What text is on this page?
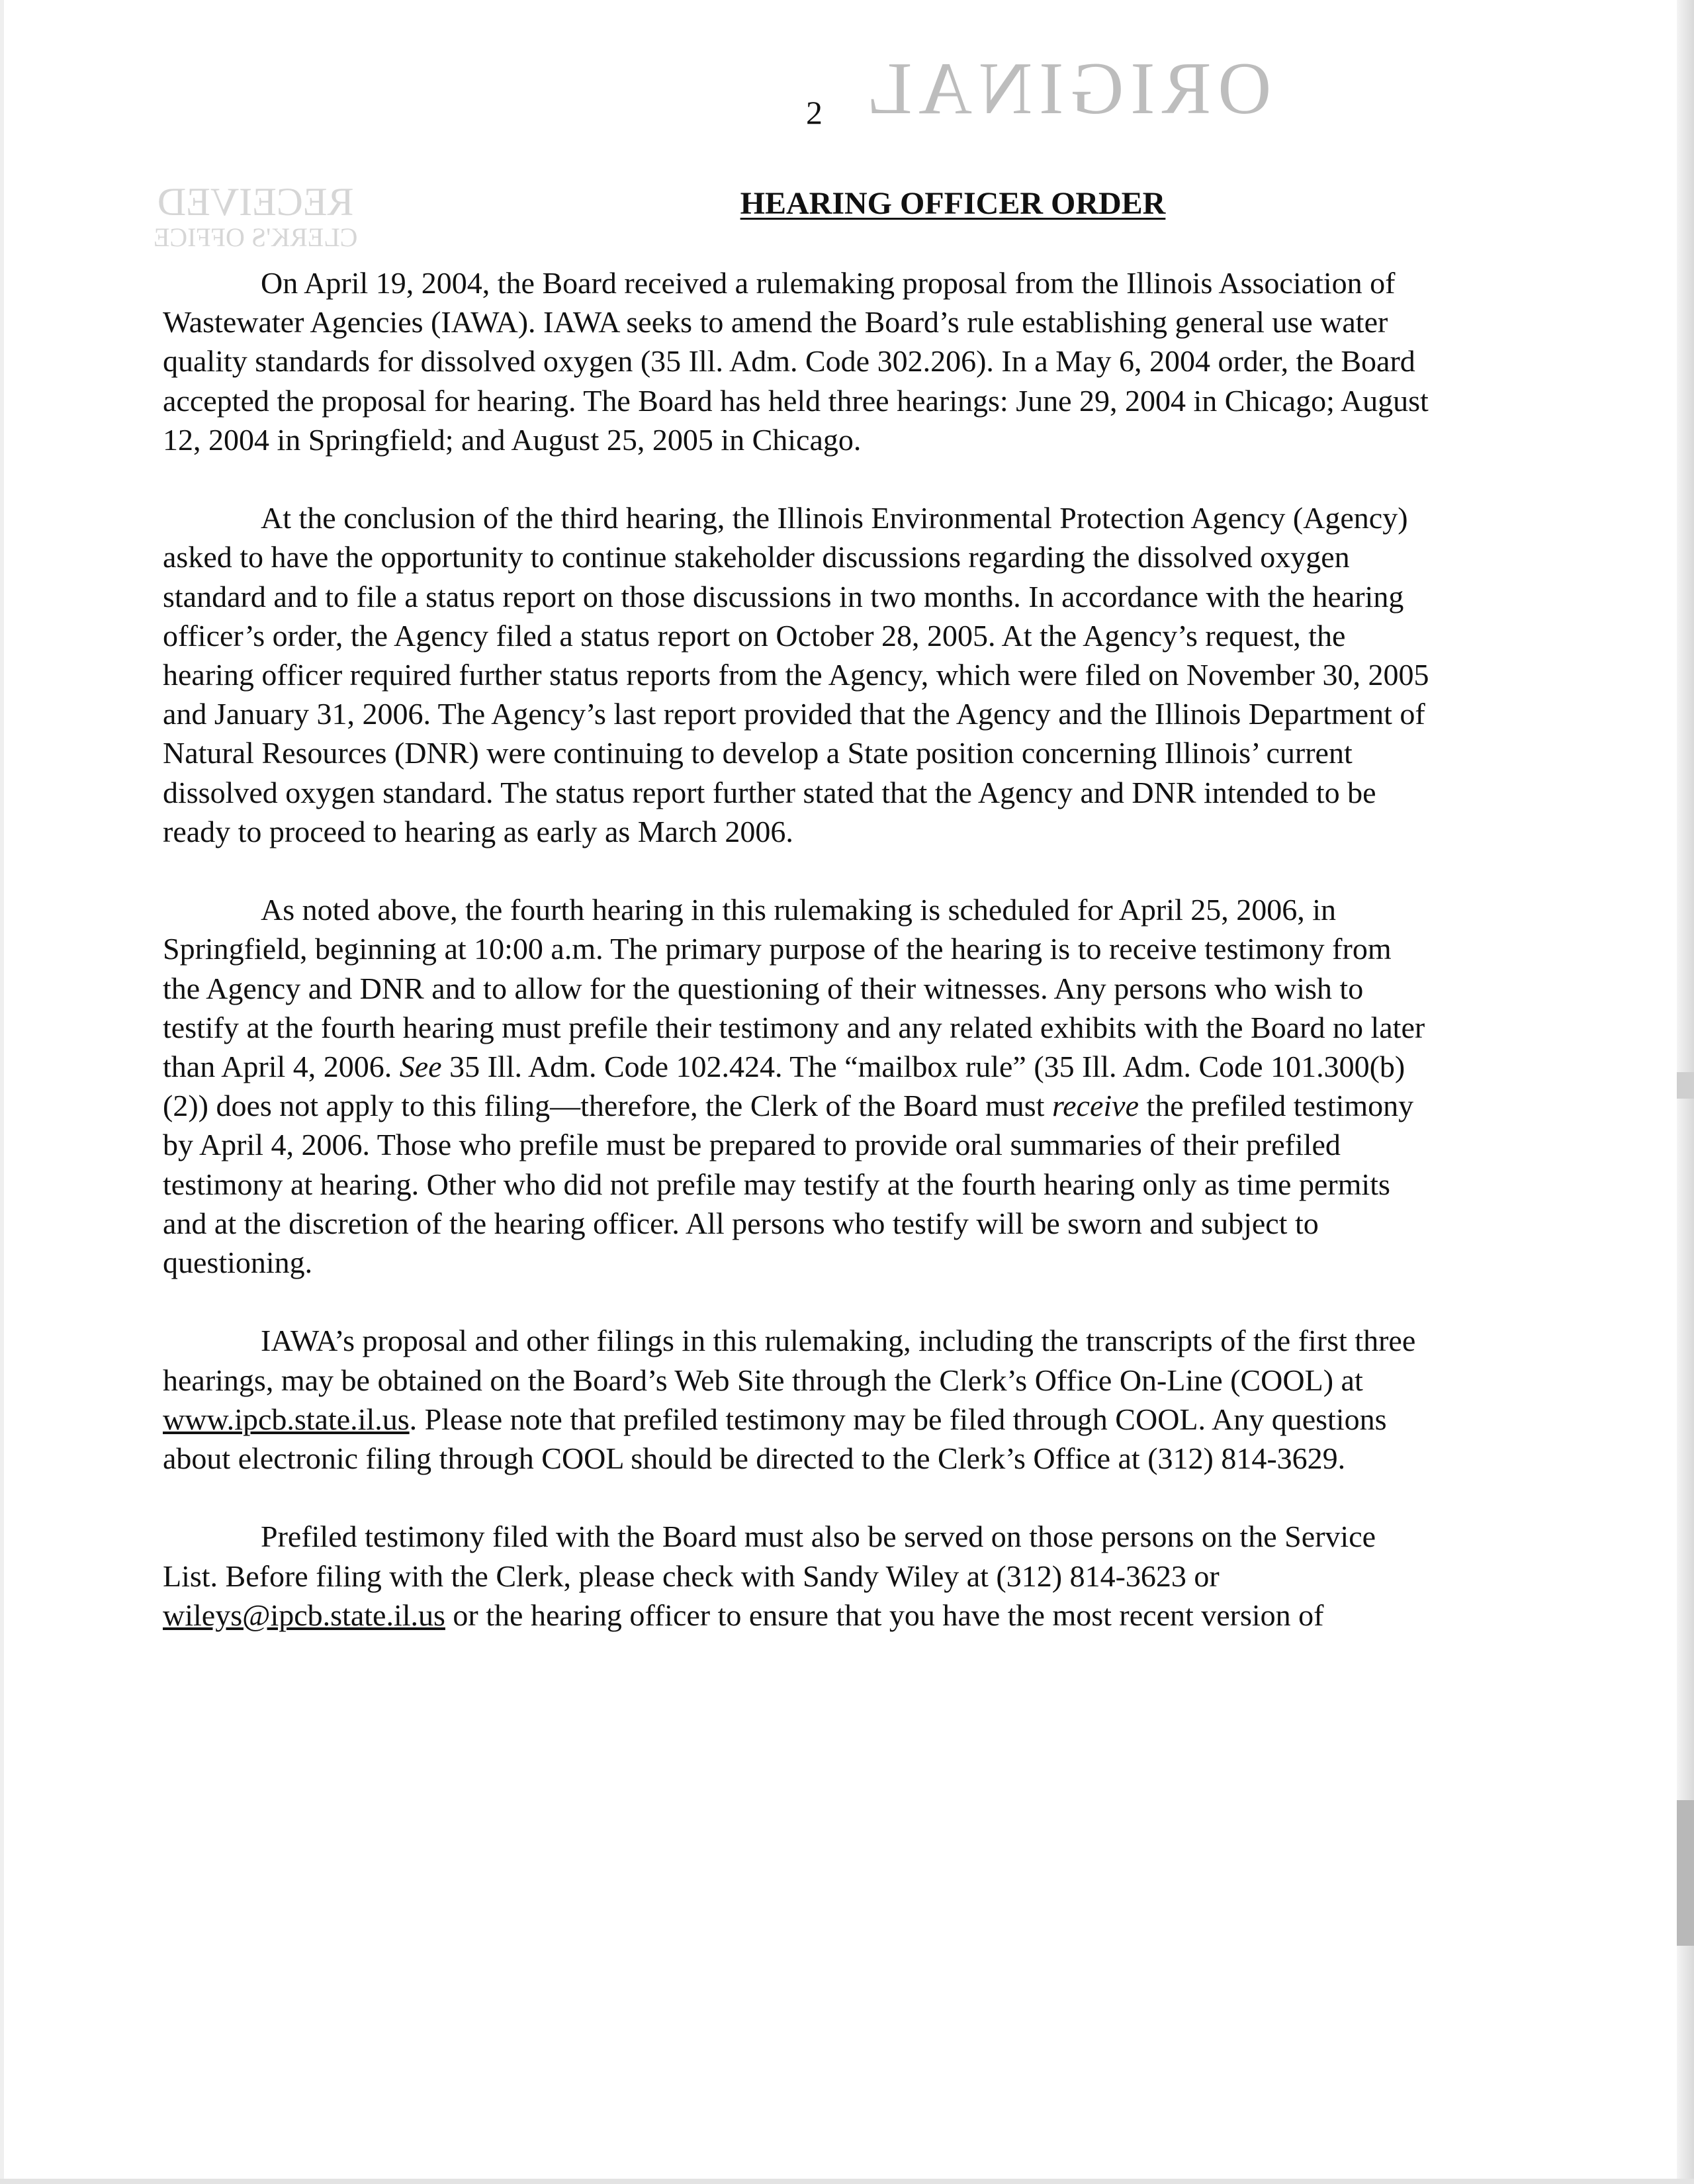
ORIGINAL
RECEIVED
CLERK'S OFFICE
2
HEARING OFFICER ORDER

On April 19, 2004, the Board received a rulemaking proposal from the Illinois Association of Wastewater Agencies (IAWA). IAWA seeks to amend the Board’s rule establishing general use water quality standards for dissolved oxygen (35 Ill. Adm. Code 302.206). In a May 6, 2004 order, the Board accepted the proposal for hearing. The Board has held three hearings: June 29, 2004 in Chicago; August 12, 2004 in Springfield; and August 25, 2005 in Chicago.

At the conclusion of the third hearing, the Illinois Environmental Protection Agency (Agency) asked to have the opportunity to continue stakeholder discussions regarding the dissolved oxygen standard and to file a status report on those discussions in two months. In accordance with the hearing officer’s order, the Agency filed a status report on October 28, 2005. At the Agency’s request, the hearing officer required further status reports from the Agency, which were filed on November 30, 2005 and January 31, 2006. The Agency’s last report provided that the Agency and the Illinois Department of Natural Resources (DNR) were continuing to develop a State position concerning Illinois’ current dissolved oxygen standard. The status report further stated that the Agency and DNR intended to be ready to proceed to hearing as early as March 2006.

As noted above, the fourth hearing in this rulemaking is scheduled for April 25, 2006, in Springfield, beginning at 10:00 a.m. The primary purpose of the hearing is to receive testimony from the Agency and DNR and to allow for the questioning of their witnesses. Any persons who wish to testify at the fourth hearing must prefile their testimony and any related exhibits with the Board no later than April 4, 2006. See 35 Ill. Adm. Code 102.424. The “mailbox rule” (35 Ill. Adm. Code 101.300(b)(2)) does not apply to this filing—therefore, the Clerk of the Board must receive the prefiled testimony by April 4, 2006. Those who prefile must be prepared to provide oral summaries of their prefiled testimony at hearing. Other who did not prefile may testify at the fourth hearing only as time permits and at the discretion of the hearing officer. All persons who testify will be sworn and subject to questioning.

IAWA’s proposal and other filings in this rulemaking, including the transcripts of the first three hearings, may be obtained on the Board’s Web Site through the Clerk’s Office On-Line (COOL) at www.ipcb.state.il.us. Please note that prefiled testimony may be filed through COOL. Any questions about electronic filing through COOL should be directed to the Clerk’s Office at (312) 814-3629.

Prefiled testimony filed with the Board must also be served on those persons on the Service List. Before filing with the Clerk, please check with Sandy Wiley at (312) 814-3623 or wileys@ipcb.state.il.us or the hearing officer to ensure that you have the most recent version of
